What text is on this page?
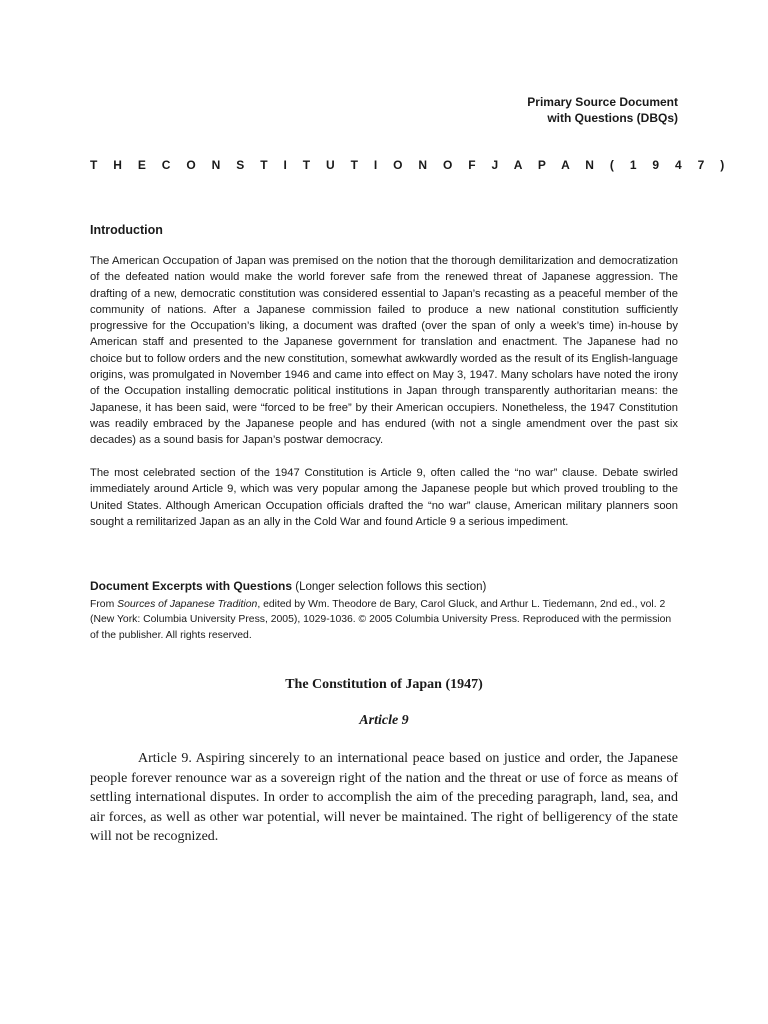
Primary Source Document
with Questions (DBQs)
T H E C O N S T I T U T I O N O F J A P A N ( 1 9 4 7 )
Introduction

The American Occupation of Japan was premised on the notion that the thorough demilitarization and democratization of the defeated nation would make the world forever safe from the renewed threat of Japanese aggression. The drafting of a new, democratic constitution was considered essential to Japan’s recasting as a peaceful member of the community of nations. After a Japanese commission failed to produce a new national constitution sufficiently progressive for the Occupation’s liking, a document was drafted (over the span of only a week’s time) in-house by American staff and presented to the Japanese government for translation and enactment. The Japanese had no choice but to follow orders and the new constitution, somewhat awkwardly worded as the result of its English-language origins, was promulgated in November 1946 and came into effect on May 3, 1947. Many scholars have noted the irony of the Occupation installing democratic political institutions in Japan through transparently authoritarian means: the Japanese, it has been said, were “forced to be free” by their American occupiers. Nonetheless, the 1947 Constitution was readily embraced by the Japanese people and has endured (with not a single amendment over the past six decades) as a sound basis for Japan’s postwar democracy.

The most celebrated section of the 1947 Constitution is Article 9, often called the “no war” clause. Debate swirled immediately around Article 9, which was very popular among the Japanese people but which proved troubling to the United States. Although American Occupation officials drafted the “no war” clause, American military planners soon sought a remilitarized Japan as an ally in the Cold War and found Article 9 a serious impediment.

Document Excerpts with Questions (Longer selection follows this section)

From Sources of Japanese Tradition, edited by Wm. Theodore de Bary, Carol Gluck, and Arthur L. Tiedemann, 2nd ed., vol. 2 (New York: Columbia University Press, 2005), 1029-1036. © 2005 Columbia University Press. Reproduced with the permission of the publisher. All rights reserved.

The Constitution of Japan (1947)
Article 9

Article 9. Aspiring sincerely to an international peace based on justice and order, the Japanese people forever renounce war as a sovereign right of the nation and the threat or use of force as means of settling international disputes. In order to accomplish the aim of the preceding paragraph, land, sea, and air forces, as well as other war potential, will never be maintained. The right of belligerency of the state will not be recognized.
